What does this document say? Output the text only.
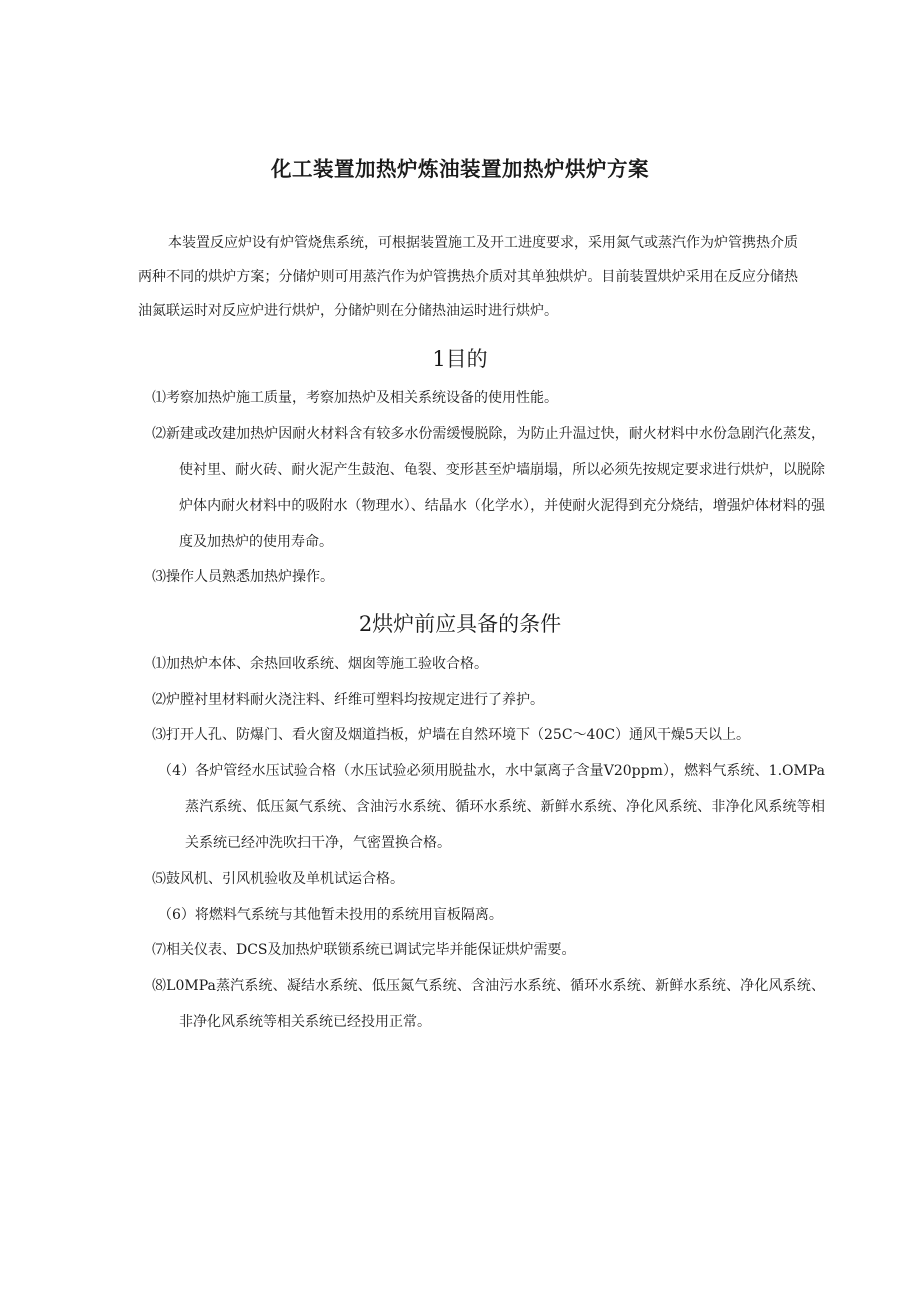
化工装置加热炉炼油装置加热炉烘炉方案
本装置反应炉设有炉管烧焦系统，可根据装置施工及开工进度要求，采用氮气或蒸汽作为炉管携热介质两种不同的烘炉方案；分储炉则可用蒸汽作为炉管携热介质对其单独烘炉。目前装置烘炉采用在反应分储热油氮联运时对反应炉进行烘炉，分储炉则在分储热油运时进行烘炉。
1目的
⑴考察加热炉施工质量，考察加热炉及相关系统设备的使用性能。
⑵新建或改建加热炉因耐火材料含有较多水份需缓慢脱除，为防止升温过快，耐火材料中水份急剧汽化蒸发，使衬里、耐火砖、耐火泥产生鼓泡、龟裂、变形甚至炉墙崩塌，所以必须先按规定要求进行烘炉，以脱除炉体内耐火材料中的吸附水（物理水）、结晶水（化学水），并使耐火泥得到充分烧结，增强炉体材料的强度及加热炉的使用寿命。
⑶操作人员熟悉加热炉操作。
2烘炉前应具备的条件
⑴加热炉本体、余热回收系统、烟囱等施工验收合格。
⑵炉膛衬里材料耐火浇注料、纤维可塑料均按规定进行了养护。
⑶打开人孔、防爆门、看火窗及烟道挡板，炉墙在自然环境下（25C～40C）通风干燥5天以上。
（4）各炉管经水压试验合格（水压试验必须用脱盐水，水中氯离子含量V20ppm），燃料气系统、1.OMPa蒸汽系统、低压氮气系统、含油污水系统、循环水系统、新鲜水系统、净化风系统、非净化风系统等相关系统已经冲洗吹扫干净，气密置换合格。
⑸鼓风机、引风机验收及单机试运合格。
（6）将燃料气系统与其他暂未投用的系统用盲板隔离。
⑺相关仪表、DCS及加热炉联锁系统已调试完毕并能保证烘炉需要。
⑻L0MPa蒸汽系统、凝结水系统、低压氮气系统、含油污水系统、循环水系统、新鲜水系统、净化风系统、非净化风系统等相关系统已经投用正常。
